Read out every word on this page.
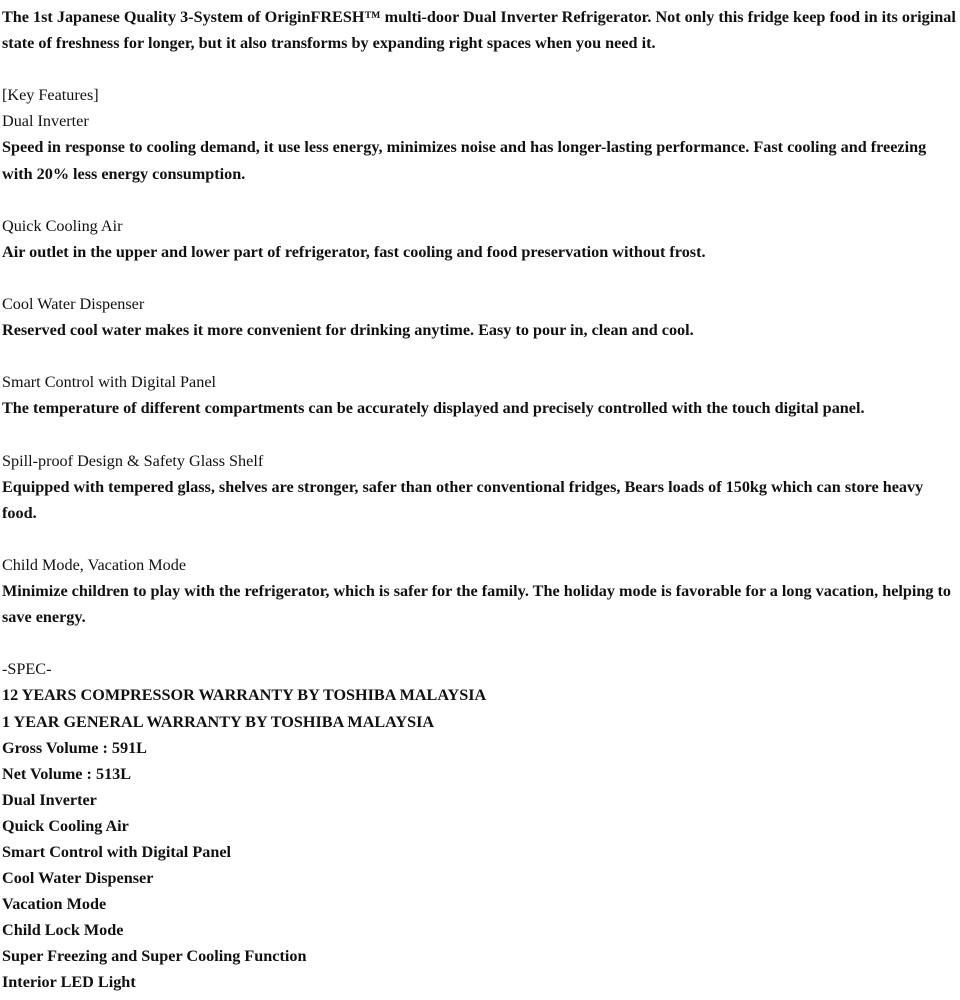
The 1st Japanese Quality 3-System of OriginFRESH™ multi-door Dual Inverter Refrigerator. Not only this fridge keep food in its original state of freshness for longer, but it also transforms by expanding right spaces when you need it.

[Key Features]

Dual Inverter

Speed in response to cooling demand, it use less energy, minimizes noise and has longer-lasting performance. Fast cooling and freezing with 20% less energy consumption.

Quick Cooling Air

Air outlet in the upper and lower part of refrigerator, fast cooling and food preservation without frost.

Cool Water Dispenser

Reserved cool water makes it more convenient for drinking anytime. Easy to pour in, clean and cool.

Smart Control with Digital Panel

The temperature of different compartments can be accurately displayed and precisely controlled with the touch digital panel.

Spill-proof Design & Safety Glass Shelf

Equipped with tempered glass, shelves are stronger, safer than other conventional fridges, Bears loads of 150kg which can store heavy food.

Child Mode, Vacation Mode

Minimize children to play with the refrigerator, which is safer for the family. The holiday mode is favorable for a long vacation, helping to save energy.

-SPEC-

12 YEARS COMPRESSOR WARRANTY BY TOSHIBA MALAYSIA

1 YEAR GENERAL WARRANTY BY TOSHIBA MALAYSIA

Gross Volume : 591L

Net Volume : 513L

Dual Inverter

Quick Cooling Air

Smart Control with Digital Panel

Cool Water Dispenser

Vacation Mode

Child Lock Mode

Super Freezing and Super Cooling Function

Interior LED Light
